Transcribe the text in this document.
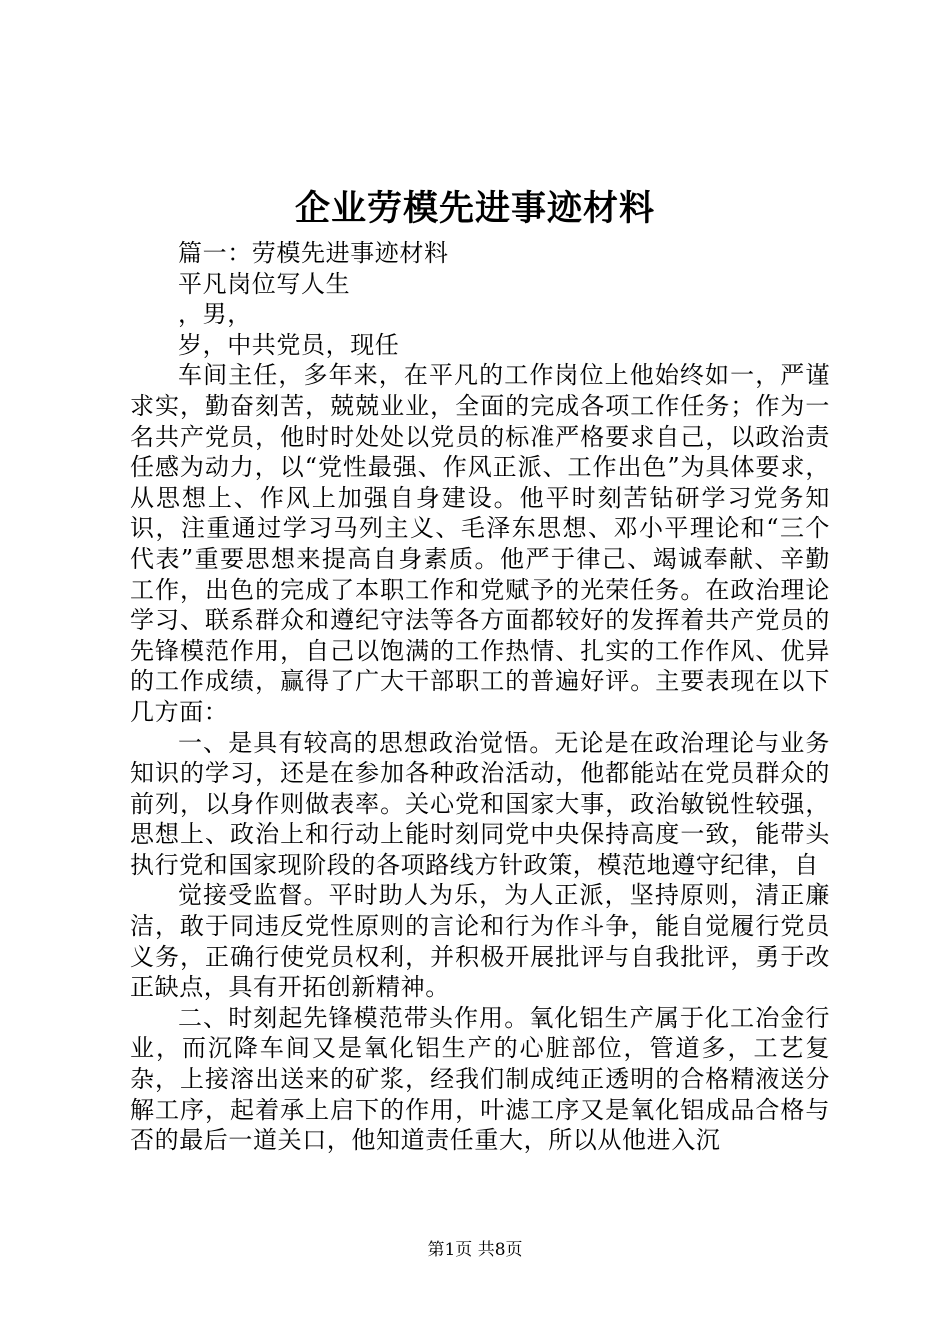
企业劳模先进事迹材料

篇一：劳模先进事迹材料

平凡岗位写人生

，男，

岁，中共党员，现任

车间主任，多年来，在平凡的工作岗位上他始终如一，严谨求实，勤奋刻苦，兢兢业业，全面的完成各项工作任务；作为一名共产党员，他时时处处以党员的标准严格要求自己，以政治责任感为动力，以“党性最强、作风正派、工作出色”为具体要求，从思想上、作风上加强自身建设。他平时刻苦钻研学习党务知识，注重通过学习马列主义、毛泽东思想、邓小平理论和“三个代表”重要思想来提高自身素质。他严于律己、竭诚奉献、辛勤工作，出色的完成了本职工作和党赋予的光荣任务。在政治理论学习、联系群众和遵纪守法等各方面都较好的发挥着共产党员的先锋模范作用，自己以饱满的工作热情、扎实的工作作风、优异的工作成绩，赢得了广大干部职工的普遍好评。主要表现在以下几方面：

一、是具有较高的思想政治觉悟。无论是在政治理论与业务知识的学习，还是在参加各种政治活动，他都能站在党员群众的前列，以身作则做表率。关心党和国家大事，政治敏锐性较强，思想上、政治上和行动上能时刻同党中央保持高度一致，能带头执行党和国家现阶段的各项路线方针政策，模范地遵守纪律，自

觉接受监督。平时助人为乐，为人正派，坚持原则，清正廉洁，敢于同违反党性原则的言论和行为作斗争，能自觉履行党员义务，正确行使党员权利，并积极开展批评与自我批评，勇于改正缺点，具有开拓创新精神。

二、时刻起先锋模范带头作用。氧化铝生产属于化工冶金行业，而沉降车间又是氧化铝生产的心脏部位，管道多，工艺复杂，上接溶出送来的矿浆，经我们制成纯正透明的合格精液送分解工序，起着承上启下的作用，叶滤工序又是氧化铝成品合格与否的最后一道关口，他知道责任重大，所以从他进入沉

第1页 共8页
